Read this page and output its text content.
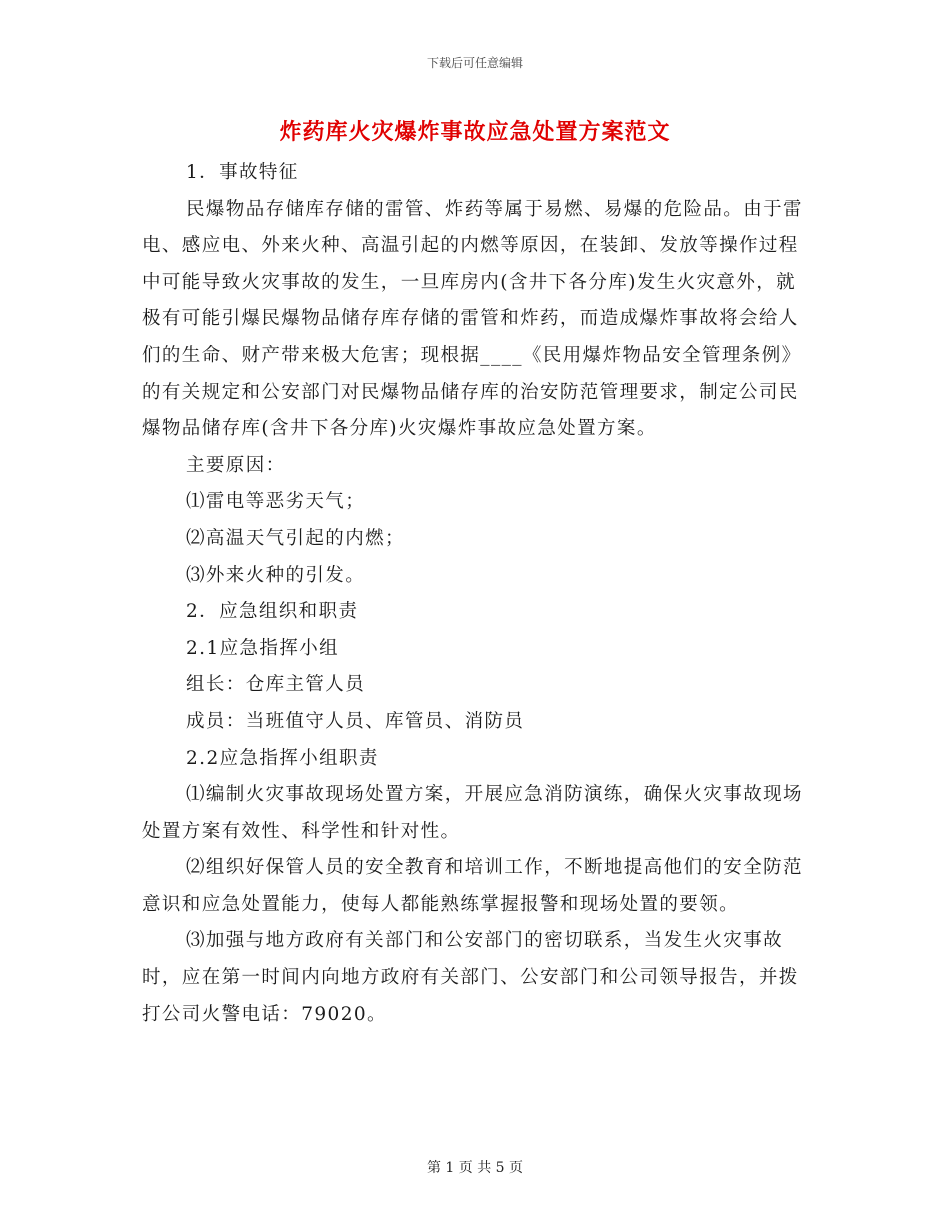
下载后可任意编辑
炸药库火灾爆炸事故应急处置方案范文

1．事故特征

民爆物品存储库存储的雷管、炸药等属于易燃、易爆的危险品。由于雷电、感应电、外来火种、高温引起的内燃等原因，在装卸、发放等操作过程中可能导致火灾事故的发生，一旦库房内(含井下各分库)发生火灾意外，就极有可能引爆民爆物品储存库存储的雷管和炸药，而造成爆炸事故将会给人们的生命、财产带来极大危害；现根据____《民用爆炸物品安全管理条例》的有关规定和公安部门对民爆物品储存库的治安防范管理要求，制定公司民爆物品储存库(含井下各分库)火灾爆炸事故应急处置方案。

主要原因：

⑴雷电等恶劣天气；

⑵高温天气引起的内燃；

⑶外来火种的引发。

2．应急组织和职责

2.1应急指挥小组

组长：仓库主管人员

成员：当班值守人员、库管员、消防员

2.2应急指挥小组职责

⑴编制火灾事故现场处置方案，开展应急消防演练，确保火灾事故现场处置方案有效性、科学性和针对性。

⑵组织好保管人员的安全教育和培训工作，不断地提高他们的安全防范意识和应急处置能力，使每人都能熟练掌握报警和现场处置的要领。

⑶加强与地方政府有关部门和公安部门的密切联系，当发生火灾事故时，应在第一时间内向地方政府有关部门、公安部门和公司领导报告，并拨打公司火警电话：79020。

第 1 页 共 5 页
